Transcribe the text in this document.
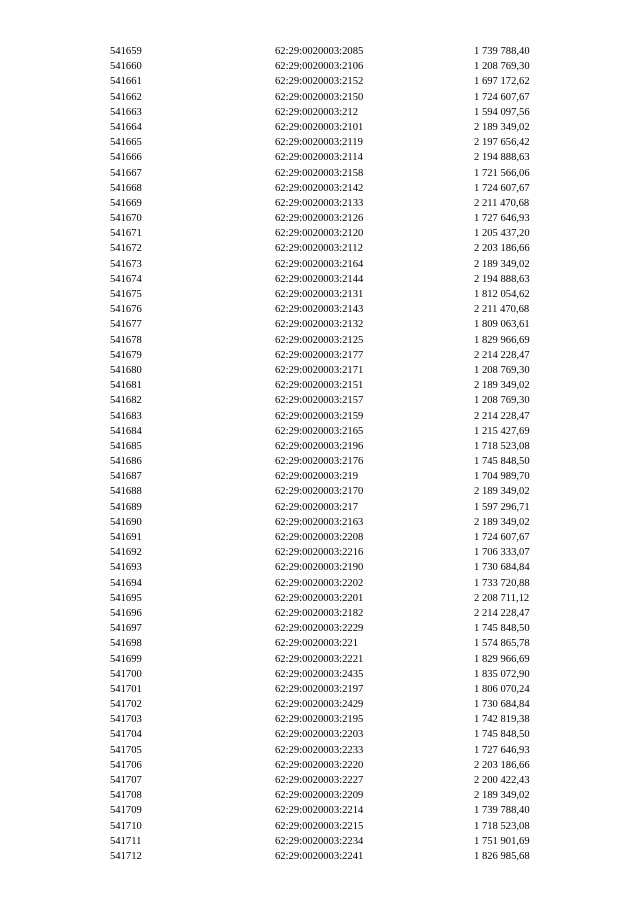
541659	62:29:0020003:2085	1 739 788,40
541660	62:29:0020003:2106	1 208 769,30
541661	62:29:0020003:2152	1 697 172,62
541662	62:29:0020003:2150	1 724 607,67
541663	62:29:0020003:212	1 594 097,56
541664	62:29:0020003:2101	2 189 349,02
541665	62:29:0020003:2119	2 197 656,42
541666	62:29:0020003:2114	2 194 888,63
541667	62:29:0020003:2158	1 721 566,06
541668	62:29:0020003:2142	1 724 607,67
541669	62:29:0020003:2133	2 211 470,68
541670	62:29:0020003:2126	1 727 646,93
541671	62:29:0020003:2120	1 205 437,20
541672	62:29:0020003:2112	2 203 186,66
541673	62:29:0020003:2164	2 189 349,02
541674	62:29:0020003:2144	2 194 888,63
541675	62:29:0020003:2131	1 812 054,62
541676	62:29:0020003:2143	2 211 470,68
541677	62:29:0020003:2132	1 809 063,61
541678	62:29:0020003:2125	1 829 966,69
541679	62:29:0020003:2177	2 214 228,47
541680	62:29:0020003:2171	1 208 769,30
541681	62:29:0020003:2151	2 189 349,02
541682	62:29:0020003:2157	1 208 769,30
541683	62:29:0020003:2159	2 214 228,47
541684	62:29:0020003:2165	1 215 427,69
541685	62:29:0020003:2196	1 718 523,08
541686	62:29:0020003:2176	1 745 848,50
541687	62:29:0020003:219	1 704 989,70
541688	62:29:0020003:2170	2 189 349,02
541689	62:29:0020003:217	1 597 296,71
541690	62:29:0020003:2163	2 189 349,02
541691	62:29:0020003:2208	1 724 607,67
541692	62:29:0020003:2216	1 706 333,07
541693	62:29:0020003:2190	1 730 684,84
541694	62:29:0020003:2202	1 733 720,88
541695	62:29:0020003:2201	2 208 711,12
541696	62:29:0020003:2182	2 214 228,47
541697	62:29:0020003:2229	1 745 848,50
541698	62:29:0020003:221	1 574 865,78
541699	62:29:0020003:2221	1 829 966,69
541700	62:29:0020003:2435	1 835 072,90
541701	62:29:0020003:2197	1 806 070,24
541702	62:29:0020003:2429	1 730 684,84
541703	62:29:0020003:2195	1 742 819,38
541704	62:29:0020003:2203	1 745 848,50
541705	62:29:0020003:2233	1 727 646,93
541706	62:29:0020003:2220	2 203 186,66
541707	62:29:0020003:2227	2 200 422,43
541708	62:29:0020003:2209	2 189 349,02
541709	62:29:0020003:2214	1 739 788,40
541710	62:29:0020003:2215	1 718 523,08
541711	62:29:0020003:2234	1 751 901,69
541712	62:29:0020003:2241	1 826 985,68
